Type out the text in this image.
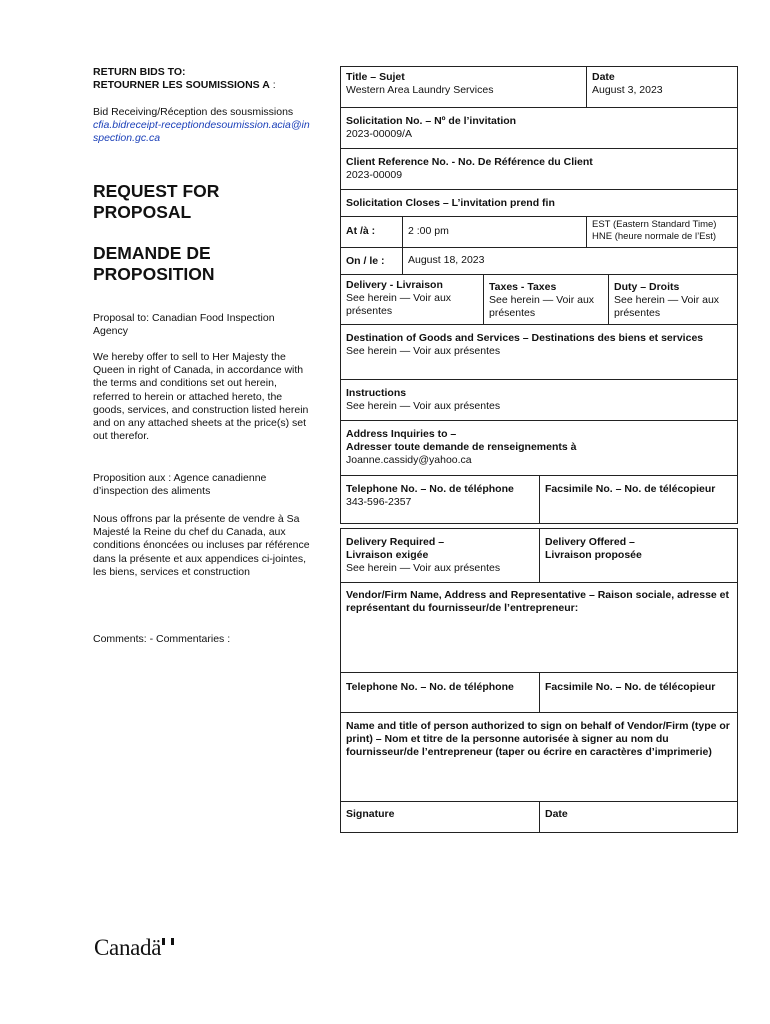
RETURN BIDS TO:
RETOURNER LES SOUMISSIONS A :
Bid Receiving/Réception des sousmissions
cfia.bidreceipt-receptiondesoumission.acia@inspection.gc.ca
REQUEST FOR
PROPOSAL
DEMANDE DE
PROPOSITION
Proposal to: Canadian Food Inspection Agency
We hereby offer to sell to Her Majesty the Queen in right of Canada, in accordance with the terms and conditions set out herein, referred to herein or attached hereto, the goods, services, and construction listed herein and on any attached sheets at the price(s) set out therefor.
Proposition aux : Agence canadienne d’inspection des aliments
Nous offrons par la présente de vendre à Sa Majesté la Reine du chef du Canada, aux conditions énoncées ou incluses par référence dans la présente et aux appendices ci-jointes, les biens, services et construction
Comments: - Commentaries :
Title – Sujet
Western Area Laundry Services
Date
August 3, 2023
Solicitation No. – Nº de l’invitation
2023-00009/A
Client Reference No. - No. De Référence du Client
2023-00009
Solicitation Closes – L’invitation prend fin
At /à :	2 :00 pm
EST (Eastern Standard Time)
HNE (heure normale de l’Est)
On / le :	August 18, 2023
Delivery - Livraison
See herein — Voir aux présentes
Taxes - Taxes
See herein — Voir aux présentes
Duty – Droits
See herein — Voir aux présentes
Destination of Goods and Services – Destinations des biens et services
See herein — Voir aux présentes
Instructions
See herein — Voir aux présentes
Address Inquiries to –
Adresser toute demande de renseignements à
Joanne.cassidy@yahoo.ca
Telephone No. – No. de téléphone
343-596-2357
Facsimile No. – No. de télécopieur
Delivery Required –
Livraison exigée
See herein — Voir aux présentes
Delivery Offered –
Livraison proposée
Vendor/Firm Name, Address and Representative – Raison sociale, adresse et représentant du fournisseur/de l’entrepreneur:
Telephone No. – No. de téléphone	Facsimile No. – No. de télécopieur
Name and title of person authorized to sign on behalf of Vendor/Firm (type or print) – Nom et titre de la personne autorisée à signer au nom du fournisseur/de l’entrepreneur (taper ou écrire en caractères d’imprimerie)
Signature	Date
Canadä
